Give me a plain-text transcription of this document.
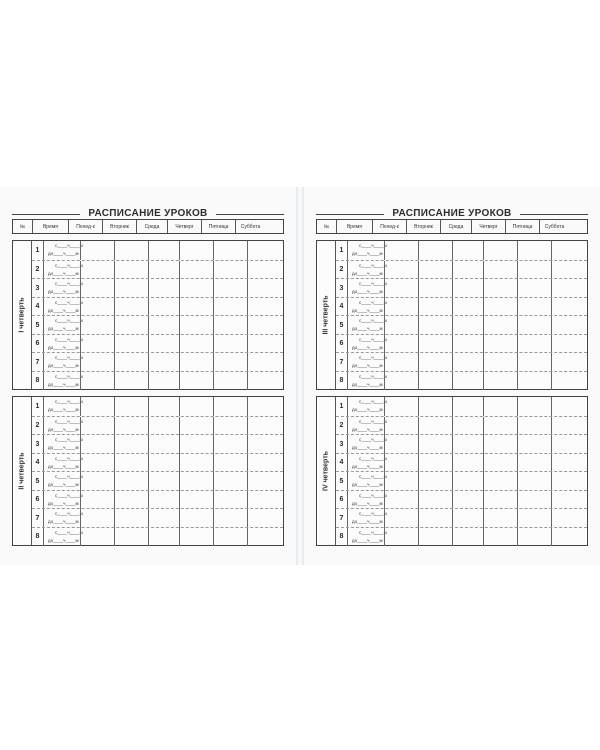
РАСПИСАНИЕ УРОКОВ
№	Время	Понед-к	Вторник	Среда	Четверг	Пятница	Суббота
I четверть
1
с____ч____м
до____ч____м
2
с____ч____м
до____ч____м
3
с____ч____м
до____ч____м
4
с____ч____м
до____ч____м
5
с____ч____м
до____ч____м
6
с____ч____м
до____ч____м
7
с____ч____м
до____ч____м
8
с____ч____м
до____ч____м
II четверть
1
с____ч____м
до____ч____м
2
с____ч____м
до____ч____м
3
с____ч____м
до____ч____м
4
с____ч____м
до____ч____м
5
с____ч____м
до____ч____м
6
с____ч____м
до____ч____м
7
с____ч____м
до____ч____м
8
с____ч____м
до____ч____м
РАСПИСАНИЕ УРОКОВ
№	Время	Понед-к	Вторник	Среда	Четверг	Пятница	Суббота
III четверть
1
с____ч____м
до____ч____м
2
с____ч____м
до____ч____м
3
с____ч____м
до____ч____м
4
с____ч____м
до____ч____м
5
с____ч____м
до____ч____м
6
с____ч____м
до____ч____м
7
с____ч____м
до____ч____м
8
с____ч____м
до____ч____м
IV четверть
1
с____ч____м
до____ч____м
2
с____ч____м
до____ч____м
3
с____ч____м
до____ч____м
4
с____ч____м
до____ч____м
5
с____ч____м
до____ч____м
6
с____ч____м
до____ч____м
7
с____ч____м
до____ч____м
8
с____ч____м
до____ч____м
